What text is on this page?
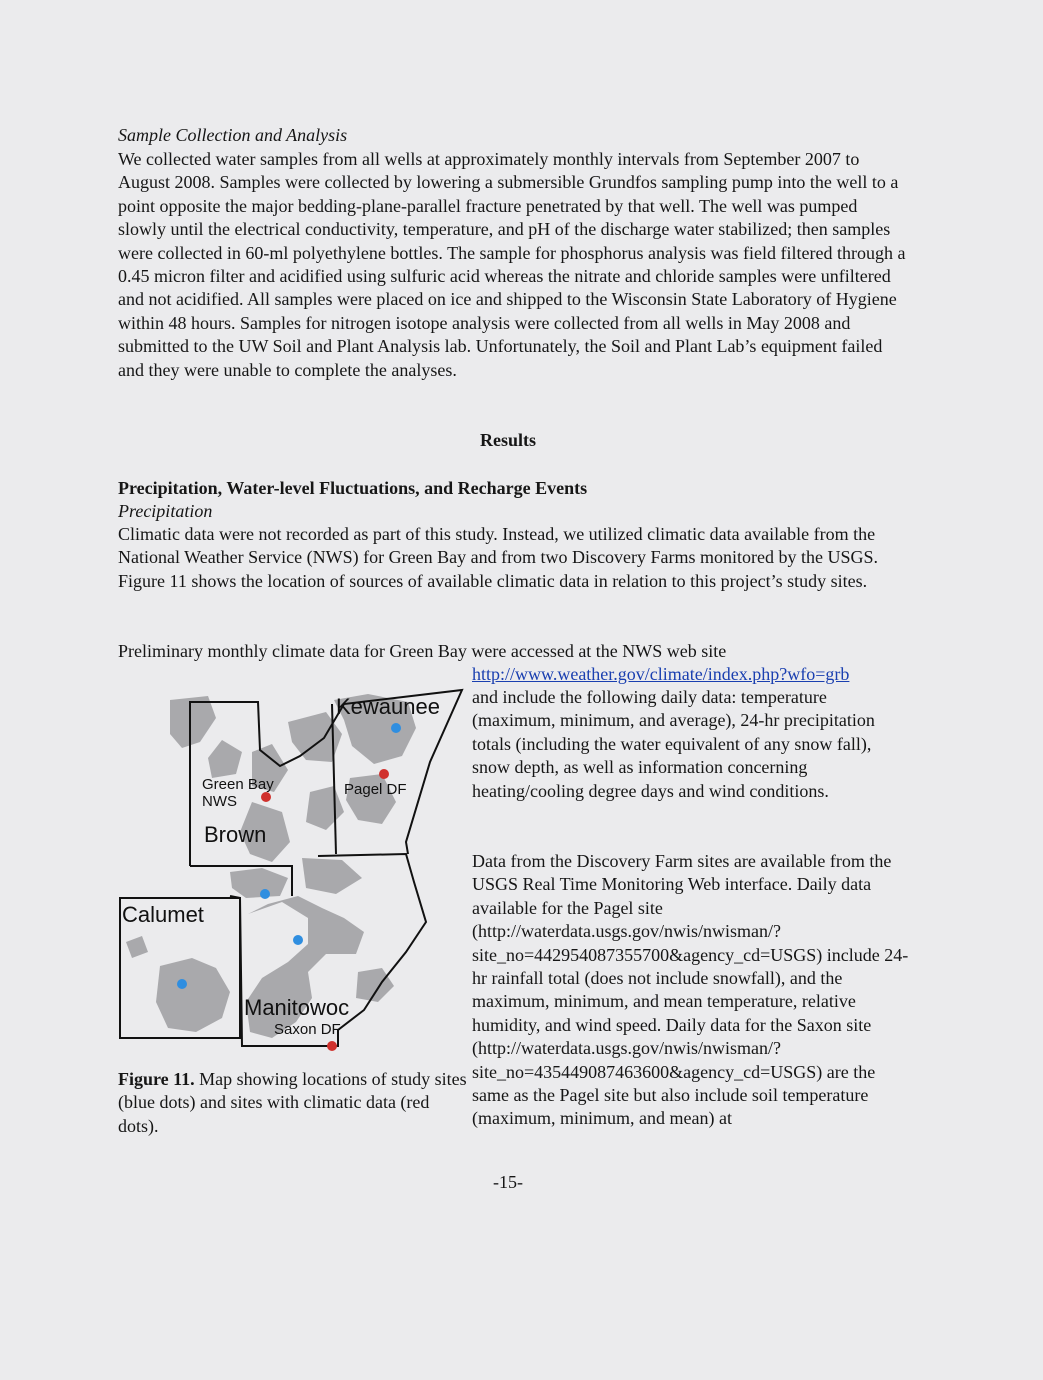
Sample Collection and Analysis

We collected water samples from all wells at approximately monthly intervals from September 2007 to August 2008. Samples were collected by lowering a submersible Grundfos sampling pump into the well to a point opposite the major bedding-plane-parallel fracture penetrated by that well. The well was pumped slowly until the electrical conductivity, temperature, and pH of the discharge water stabilized; then samples were collected in 60-ml polyethylene bottles. The sample for phosphorus analysis was field filtered through a 0.45 micron filter and acidified using sulfuric acid whereas the nitrate and chloride samples were unfiltered and not acidified. All samples were placed on ice and shipped to the Wisconsin State Laboratory of Hygiene within 48 hours. Samples for nitrogen isotope analysis were collected from all wells in May 2008 and submitted to the UW Soil and Plant Analysis lab. Unfortunately, the Soil and Plant Lab’s equipment failed and they were unable to complete the analyses.

Results

Precipitation, Water-level Fluctuations, and Recharge Events

Precipitation

Climatic data were not recorded as part of this study. Instead, we utilized climatic data available from the National Weather Service (NWS) for Green Bay and from two Discovery Farms monitored by the USGS. Figure 11 shows the location of sources of available climatic data in relation to this project’s study sites.

Preliminary monthly climate data for Green Bay were accessed at the NWS web site

http://www.weather.gov/climate/index.php?wfo=grb

and include the following daily data: temperature (maximum, minimum, and average), 24-hr precipitation totals (including the water equivalent of any snow fall), snow depth, as well as information concerning heating/cooling degree days and wind conditions.

Data from the Discovery Farm sites are available from the USGS Real Time Monitoring Web interface. Daily data available for the Pagel site (http://waterdata.usgs.gov/nwis/nwisman/?site_no=442954087355700&agency_cd=USGS) include 24-hr rainfall total (does not include snowfall), and the maximum, minimum, and mean temperature, relative humidity, and wind speed. Daily data for the Saxon site (http://waterdata.usgs.gov/nwis/nwisman/?site_no=435449087463600&agency_cd=USGS) are the same as the Pagel site but also include soil temperature (maximum, minimum, and mean) at

Kewaunee
Brown
Calumet
Manitowoc
Green Bay
NWS
Pagel DF
Saxon DF

Figure 11. Map showing locations of study sites (blue dots) and sites with climatic data (red dots).

-15-
